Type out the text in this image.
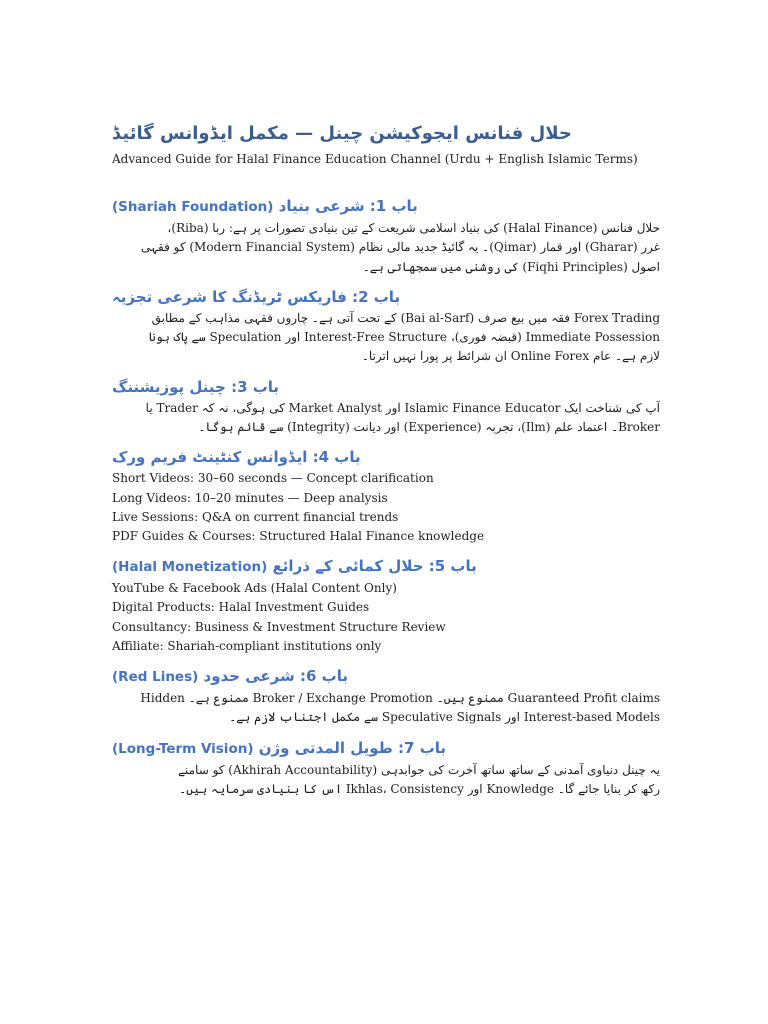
حلال فنانس ایجوکیشن چینل — مکمل ایڈوانس گائیڈ

Advanced Guide for Halal Finance Education Channel (Urdu + English Islamic Terms)

باب 1: شرعی بنیاد (Shariah Foundation)

حلال فنانس (Halal Finance) کی بنیاد اسلامی شریعت کے تین بنیادی تصورات پر ہے: ربا (Riba)،
غرر (Gharar) اور قمار (Qimar)۔ یہ گائیڈ جدید مالی نظام (Modern Financial System) کو فقہی
اصول (Fiqhi Principles) کی روشنی میں سمجھاتی ہے۔

باب 2: فاریکس ٹریڈنگ کا شرعی تجزیہ

Forex Trading فقہ میں بیع صرف (Bai al-Sarf) کے تحت آتی ہے۔ چاروں فقہی مذاہب کے مطابق
Immediate Possession (قبضہ فوری)، Interest-Free Structure اور Speculation سے پاک ہونا
لازم ہے۔ عام Online Forex ان شرائط پر پورا نہیں اترتا۔

باب 3: چینل پوزیشننگ

آپ کی شناخت ایک Islamic Finance Educator اور Market Analyst کی ہوگی، نہ کہ Trader یا
Broker۔ اعتماد علم (Ilm)، تجربہ (Experience) اور دیانت (Integrity) سے قائم ہوگا۔

باب 4: ایڈوانس کنٹینٹ فریم ورک
Short Videos: 30–60 seconds — Concept clarification
Long Videos: 10–20 minutes — Deep analysis
Live Sessions: Q&A on current financial trends
PDF Guides & Courses: Structured Halal Finance knowledge
باب 5: حلال کمائی کے ذرائع (Halal Monetization)
YouTube & Facebook Ads (Halal Content Only)
Digital Products: Halal Investment Guides
Consultancy: Business & Investment Structure Review
Affiliate: Shariah-compliant institutions only
باب 6: شرعی حدود (Red Lines)

Guaranteed Profit claims ممنوع ہیں۔ Broker / Exchange Promotion ممنوع ہے۔ Hidden
Interest-based Models اور Speculative Signals سے مکمل اجتناب لازم ہے۔

باب 7: طویل المدتی وژن (Long-Term Vision)

یہ چینل دنیاوی آمدنی کے ساتھ ساتھ آخرت کی جوابدہی (Akhirah Accountability) کو سامنے
رکھ کر بنایا جائے گا۔ Knowledge اور Ikhlas، Consistency اس کا بنیادی سرمایہ ہیں۔
